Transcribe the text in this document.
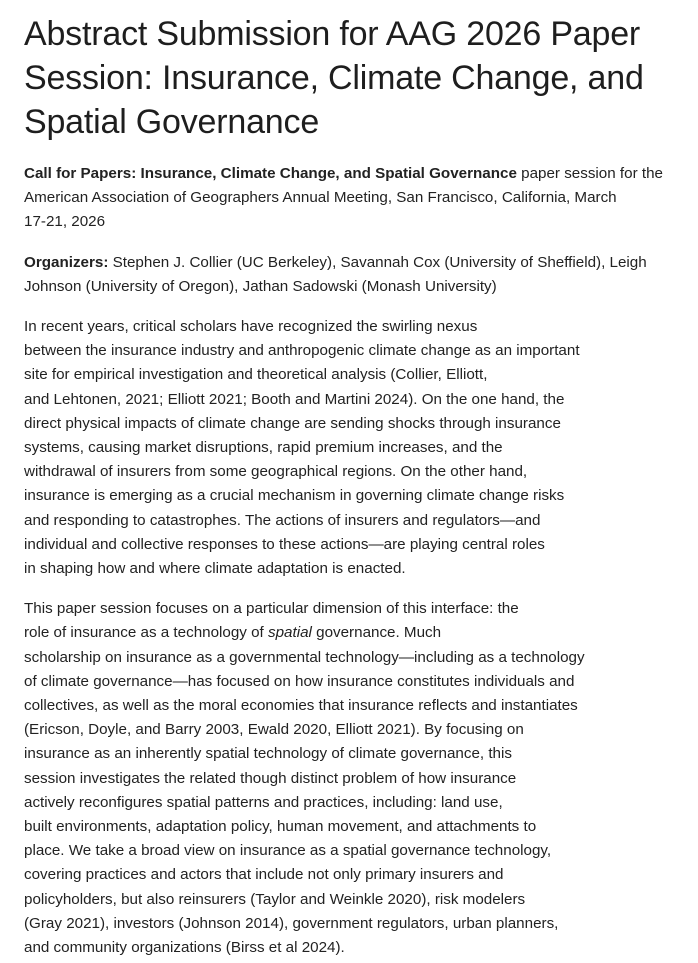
Abstract Submission for AAG 2026 Paper
Session: Insurance, Climate Change, and
Spatial Governance

Call for Papers: Insurance, Climate Change, and Spatial Governance paper session for the
American Association of Geographers Annual Meeting, San Francisco, California, March
17-21, 2026

Organizers: Stephen J. Collier (UC Berkeley), Savannah Cox (University of Sheffield), Leigh
Johnson (University of Oregon), Jathan Sadowski (Monash University)

In recent years, critical scholars have recognized the swirling nexus
between the insurance industry and anthropogenic climate change as an important
site for empirical investigation and theoretical analysis (Collier, Elliott,
and Lehtonen, 2021; Elliott 2021; Booth and Martini 2024). On the one hand, the
direct physical impacts of climate change are sending shocks through insurance
systems, causing market disruptions, rapid premium increases, and the
withdrawal of insurers from some geographical regions. On the other hand,
insurance is emerging as a crucial mechanism in governing climate change risks
and responding to catastrophes. The actions of insurers and regulators—and
individual and collective responses to these actions—are playing central roles
in shaping how and where climate adaptation is enacted.

This paper session focuses on a particular dimension of this interface: the
role of insurance as a technology of spatial governance. Much
scholarship on insurance as a governmental technology—including as a technology
of climate governance—has focused on how insurance constitutes individuals and
collectives, as well as the moral economies that insurance reflects and instantiates
(Ericson, Doyle, and Barry 2003, Ewald 2020, Elliott 2021). By focusing on
insurance as an inherently spatial technology of climate governance, this
session investigates the related though distinct problem of how insurance
actively reconfigures spatial patterns and practices, including: land use,
built environments, adaptation policy, human movement, and attachments to
place. We take a broad view on insurance as a spatial governance technology,
covering practices and actors that include not only primary insurers and
policyholders, but also reinsurers (Taylor and Weinkle 2020), risk modelers
(Gray 2021), investors (Johnson 2014), government regulators, urban planners,
and community organizations (Birss et al 2024).
